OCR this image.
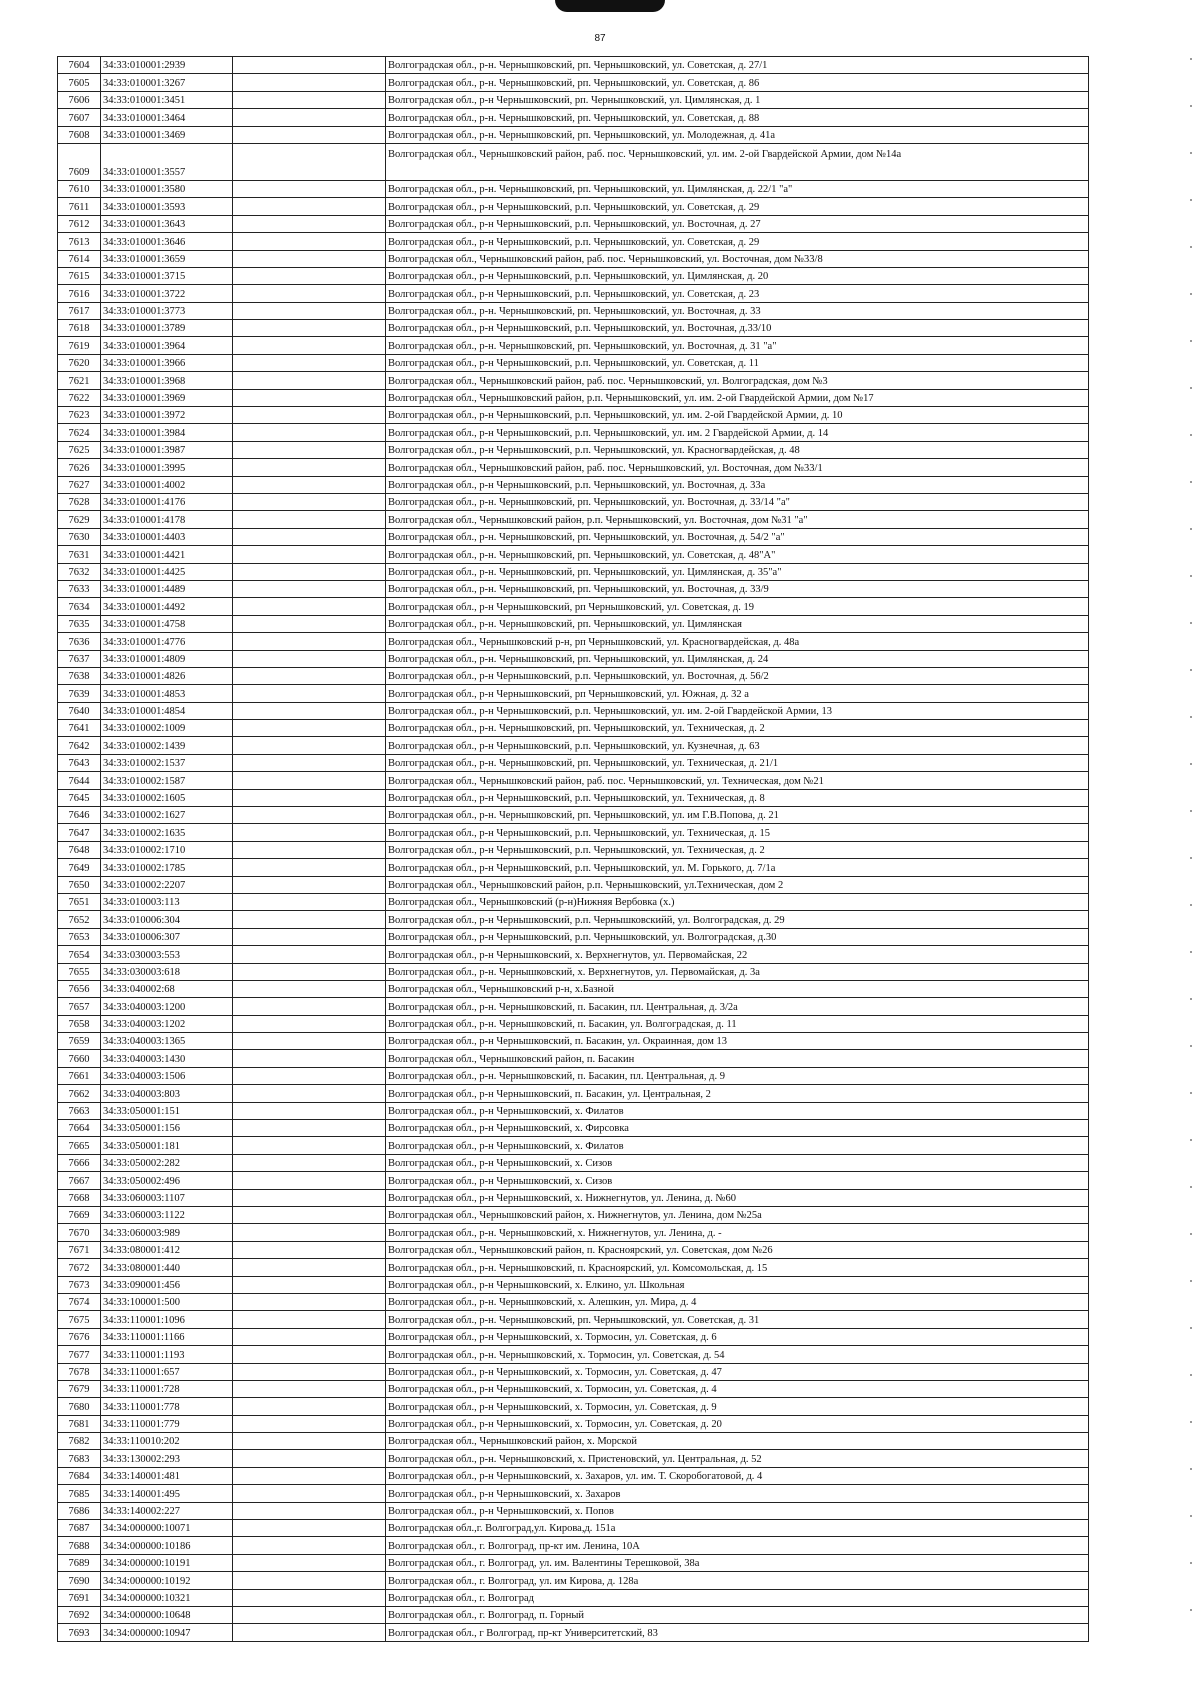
87
7604	34:33:010001:2939		Волгоградская обл., р-н. Чернышковский, рп. Чернышковский, ул. Советская, д. 27/1
7605	34:33:010001:3267		Волгоградская обл., р-н. Чернышковский, рп. Чернышковский, ул. Советская, д. 86
7606	34:33:010001:3451		Волгоградская обл., р-н Чернышковский, рп. Чернышковский, ул. Цимлянская, д. 1
7607	34:33:010001:3464		Волгоградская обл., р-н. Чернышковский, рп. Чернышковский, ул. Советская, д. 88
7608	34:33:010001:3469		Волгоградская обл., р-н. Чернышковский, рп. Чернышковский, ул. Молодежная, д. 41а
7609	34:33:010001:3557		Волгоградская обл., Чернышковский район, раб. пос. Чернышковский, ул. им. 2-ой Гвардейской Армии, дом №14а
7610	34:33:010001:3580		Волгоградская обл., р-н. Чернышковский, рп. Чернышковский, ул. Цимлянская, д. 22/1 "а"
7611	34:33:010001:3593		Волгоградская обл., р-н Чернышковский, р.п. Чернышковский, ул. Советская, д. 29
7612	34:33:010001:3643		Волгоградская обл., р-н Чернышковский, р.п. Чернышковский, ул. Восточная, д. 27
7613	34:33:010001:3646		Волгоградская обл., р-н Чернышковский, р.п. Чернышковский, ул. Советская, д. 29
7614	34:33:010001:3659		Волгоградская обл., Чернышковский район, раб. пос. Чернышковский, ул. Восточная, дом №33/8
7615	34:33:010001:3715		Волгоградская обл., р-н Чернышковский, р.п. Чернышковский, ул. Цимлянская, д. 20
7616	34:33:010001:3722		Волгоградская обл., р-н Чернышковский, р.п. Чернышковский, ул. Советская, д. 23
7617	34:33:010001:3773		Волгоградская обл., р-н. Чернышковский, рп. Чернышковский, ул. Восточная, д. 33
7618	34:33:010001:3789		Волгоградская обл., р-н Чернышковский, р.п. Чернышковский, ул. Восточная, д.33/10
7619	34:33:010001:3964		Волгоградская обл., р-н. Чернышковский, рп. Чернышковский, ул. Восточная, д. 31 "а"
7620	34:33:010001:3966		Волгоградская обл., р-н Чернышковский, р.п. Чернышковский, ул. Советская, д. 11
7621	34:33:010001:3968		Волгоградская обл., Чернышковский район, раб. пос. Чернышковский, ул. Волгоградская, дом №3
7622	34:33:010001:3969		Волгоградская обл., Чернышковский район, р.п. Чернышковский, ул. им. 2-ой Гвардейской Армии, дом №17
7623	34:33:010001:3972		Волгоградская обл., р-н Чернышковский, р.п. Чернышковский, ул. им. 2-ой Гвардейской Армии, д. 10
7624	34:33:010001:3984		Волгоградская обл., р-н Чернышковский, р.п. Чернышковский, ул. им. 2 Гвардейской Армии, д. 14
7625	34:33:010001:3987		Волгоградская обл., р-н Чернышковский, р.п. Чернышковский, ул. Красногвардейская, д. 48
7626	34:33:010001:3995		Волгоградская обл., Чернышковский район, раб. пос. Чернышковский, ул. Восточная, дом №33/1
7627	34:33:010001:4002		Волгоградская обл., р-н Чернышковский, р.п. Чернышковский, ул. Восточная, д. 33а
7628	34:33:010001:4176		Волгоградская обл., р-н. Чернышковский, рп. Чернышковский, ул. Восточная, д. 33/14 "а"
7629	34:33:010001:4178		Волгоградская обл., Чернышковский район, р.п. Чернышковский, ул. Восточная, дом №31 "а"
7630	34:33:010001:4403		Волгоградская обл., р-н. Чернышковский, рп. Чернышковский, ул. Восточная, д. 54/2 "а"
7631	34:33:010001:4421		Волгоградская обл., р-н. Чернышковский, рп. Чернышковский, ул. Советская, д. 48"А"
7632	34:33:010001:4425		Волгоградская обл., р-н. Чернышковский, рп. Чернышковский, ул. Цимлянская, д. 35"а"
7633	34:33:010001:4489		Волгоградская обл., р-н. Чернышковский, рп. Чернышковский, ул. Восточная, д. 33/9
7634	34:33:010001:4492		Волгоградская обл., р-н Чернышковский, рп Чернышковский, ул. Советская, д. 19
7635	34:33:010001:4758		Волгоградская обл., р-н. Чернышковский, рп. Чернышковский, ул. Цимлянская
7636	34:33:010001:4776		Волгоградская обл., Чернышковский р-н, рп Чернышковский, ул. Красногвардейская, д. 48а
7637	34:33:010001:4809		Волгоградская обл., р-н. Чернышковский, рп. Чернышковский, ул. Цимлянская, д. 24
7638	34:33:010001:4826		Волгоградская обл., р-н Чернышковский, р.п. Чернышковский, ул. Восточная, д. 56/2
7639	34:33:010001:4853		Волгоградская обл., р-н Чернышковский, рп Чернышковский, ул. Южная, д. 32 а
7640	34:33:010001:4854		Волгоградская обл., р-н Чернышковский, р.п. Чернышковский, ул. им. 2-ой Гвардейской Армии, 13
7641	34:33:010002:1009		Волгоградская обл., р-н. Чернышковский, рп. Чернышковский, ул. Техническая, д. 2
7642	34:33:010002:1439		Волгоградская обл., р-н Чернышковский, р.п. Чернышковский, ул. Кузнечная, д. 63
7643	34:33:010002:1537		Волгоградская обл., р-н. Чернышковский, рп. Чернышковский, ул. Техническая, д. 21/1
7644	34:33:010002:1587		Волгоградская обл., Чернышковский район, раб. пос. Чернышковский, ул. Техническая, дом №21
7645	34:33:010002:1605		Волгоградская обл., р-н Чернышковский, р.п. Чернышковский, ул. Техническая, д. 8
7646	34:33:010002:1627		Волгоградская обл., р-н. Чернышковский, рп. Чернышковский, ул. им Г.В.Попова, д. 21
7647	34:33:010002:1635		Волгоградская обл., р-н Чернышковский, р.п. Чернышковский, ул. Техническая, д. 15
7648	34:33:010002:1710		Волгоградская обл., р-н Чернышковский, р.п. Чернышковский, ул. Техническая, д. 2
7649	34:33:010002:1785		Волгоградская обл., р-н Чернышковский, р.п. Чернышковский, ул. М. Горького, д. 7/1а
7650	34:33:010002:2207		Волгоградская обл., Чернышковский район, р.п. Чернышковский, ул.Техническая, дом 2
7651	34:33:010003:113		Волгоградская обл., Чернышковский (р-н)Нижняя Вербовка (х.)
7652	34:33:010006:304		Волгоградская обл., р-н Чернышковский, р.п. Чернышковскийй, ул. Волгоградская, д. 29
7653	34:33:010006:307		Волгоградская обл., р-н Чернышковский, р.п. Чернышковский, ул. Волгоградская, д.30
7654	34:33:030003:553		Волгоградская обл., р-н Чернышковский, х. Верхнегнутов, ул. Первомайская, 22
7655	34:33:030003:618		Волгоградская обл., р-н. Чернышковский, х. Верхнегнутов, ул. Первомайская, д. 3а
7656	34:33:040002:68		Волгоградская обл., Чернышковский р-н, х.Базной
7657	34:33:040003:1200		Волгоградская обл., р-н. Чернышковский, п. Басакин, пл. Центральная, д. 3/2а
7658	34:33:040003:1202		Волгоградская обл., р-н. Чернышковский, п. Басакин, ул. Волгоградская, д. 11
7659	34:33:040003:1365		Волгоградская обл., р-н Чернышковский, п. Басакин, ул. Окраинная, дом 13
7660	34:33:040003:1430		Волгоградская обл., Чернышковский район, п. Басакин
7661	34:33:040003:1506		Волгоградская обл., р-н. Чернышковский, п. Басакин, пл. Центральная, д. 9
7662	34:33:040003:803		Волгоградская обл., р-н Чернышковский, п. Басакин, ул. Центральная, 2
7663	34:33:050001:151		Волгоградская обл., р-н Чернышковский, х. Филатов
7664	34:33:050001:156		Волгоградская обл., р-н Чернышковский, х. Фирсовка
7665	34:33:050001:181		Волгоградская обл., р-н Чернышковский, х. Филатов
7666	34:33:050002:282		Волгоградская обл., р-н Чернышковский, х. Сизов
7667	34:33:050002:496		Волгоградская обл., р-н Чернышковский, х. Сизов
7668	34:33:060003:1107		Волгоградская обл., р-н Чернышковский, х. Нижнегнутов, ул. Ленина, д. №60
7669	34:33:060003:1122		Волгоградская обл., Чернышковский район, х. Нижнегнутов, ул. Ленина, дом №25а
7670	34:33:060003:989		Волгоградская обл., р-н. Чернышковский, х. Нижнегнутов, ул. Ленина, д. -
7671	34:33:080001:412		Волгоградская обл., Чернышковский район, п. Красноярский, ул. Советская, дом №26
7672	34:33:080001:440		Волгоградская обл., р-н. Чернышковский, п. Красноярский, ул. Комсомольская, д. 15
7673	34:33:090001:456		Волгоградская обл., р-н Чернышковский, х. Елкино, ул. Школьная
7674	34:33:100001:500		Волгоградская обл., р-н. Чернышковский, х. Алешкин, ул. Мира, д. 4
7675	34:33:110001:1096		Волгоградская обл., р-н. Чернышковский, рп. Чернышковский, ул. Советская, д. 31
7676	34:33:110001:1166		Волгоградская обл., р-н Чернышковский, х. Тормосин, ул. Советская, д. 6
7677	34:33:110001:1193		Волгоградская обл., р-н. Чернышковский, х. Тормосин, ул. Советская, д. 54
7678	34:33:110001:657		Волгоградская обл., р-н Чернышковский, х. Тормосин, ул. Советская, д. 47
7679	34:33:110001:728		Волгоградская обл., р-н Чернышковский, х. Тормосин, ул. Советская, д. 4
7680	34:33:110001:778		Волгоградская обл., р-н Чернышковский, х. Тормосин, ул. Советская, д. 9
7681	34:33:110001:779		Волгоградская обл., р-н Чернышковский, х. Тормосин, ул. Советская, д. 20
7682	34:33:110010:202		Волгоградская обл., Чернышковский район, х. Морской
7683	34:33:130002:293		Волгоградская обл., р-н. Чернышковский, х. Пристеновский, ул. Центральная, д. 52
7684	34:33:140001:481		Волгоградская обл., р-н Чернышковский, х. Захаров, ул. им. Т. Скоробогатовой, д. 4
7685	34:33:140001:495		Волгоградская обл., р-н Чернышковский, х. Захаров
7686	34:33:140002:227		Волгоградская обл., р-н Чернышковский, х. Попов
7687	34:34:000000:10071		Волгоградская обл.,г. Волгоград,ул. Кирова,д. 151а
7688	34:34:000000:10186		Волгоградская обл., г. Волгоград, пр-кт им. Ленина, 10А
7689	34:34:000000:10191		Волгоградская обл., г. Волгоград, ул. им. Валентины Терешковой, 38а
7690	34:34:000000:10192		Волгоградская обл., г. Волгоград, ул. им Кирова, д. 128а
7691	34:34:000000:10321		Волгоградская обл., г. Волгоград
7692	34:34:000000:10648		Волгоградская обл., г. Волгоград, п. Горный
7693	34:34:000000:10947		Волгоградская обл., г Волгоград, пр-кт Университетский, 83
